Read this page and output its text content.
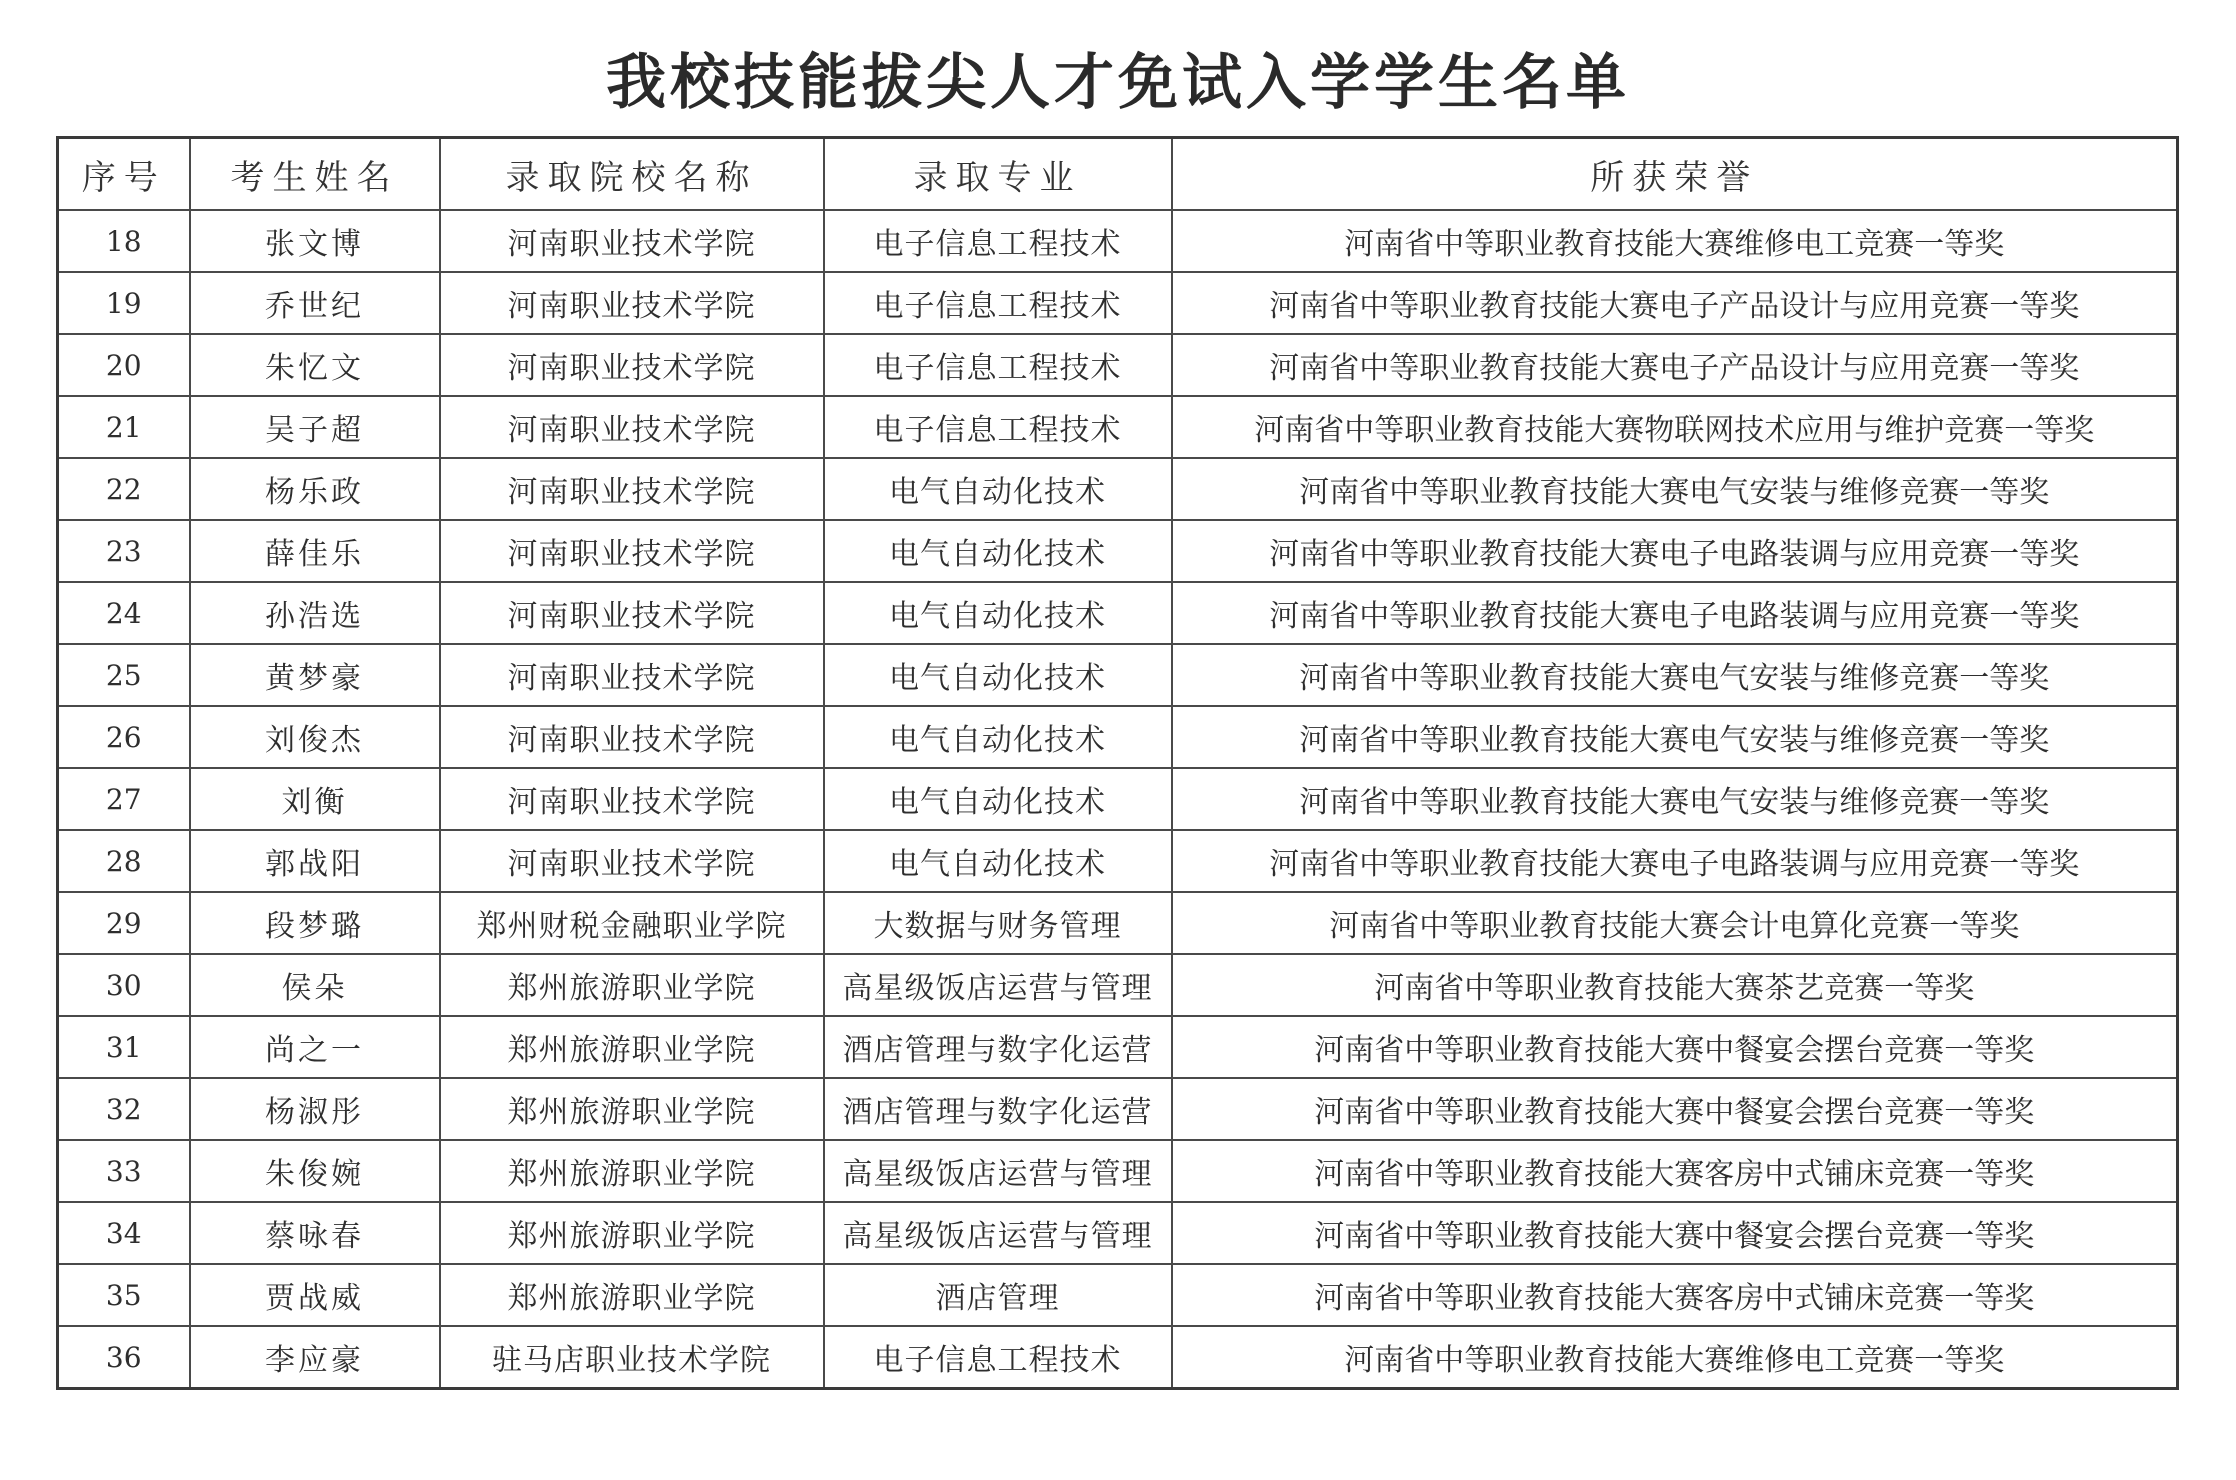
我校技能拔尖人才免试入学学生名单
序号	考生姓名	录取院校名称	录取专业	所获荣誉
18	张文博	河南职业技术学院	电子信息工程技术	河南省中等职业教育技能大赛维修电工竞赛一等奖
19	乔世纪	河南职业技术学院	电子信息工程技术	河南省中等职业教育技能大赛电子产品设计与应用竞赛一等奖
20	朱忆文	河南职业技术学院	电子信息工程技术	河南省中等职业教育技能大赛电子产品设计与应用竞赛一等奖
21	吴子超	河南职业技术学院	电子信息工程技术	河南省中等职业教育技能大赛物联网技术应用与维护竞赛一等奖
22	杨乐政	河南职业技术学院	电气自动化技术	河南省中等职业教育技能大赛电气安装与维修竞赛一等奖
23	薛佳乐	河南职业技术学院	电气自动化技术	河南省中等职业教育技能大赛电子电路装调与应用竞赛一等奖
24	孙浩选	河南职业技术学院	电气自动化技术	河南省中等职业教育技能大赛电子电路装调与应用竞赛一等奖
25	黄梦豪	河南职业技术学院	电气自动化技术	河南省中等职业教育技能大赛电气安装与维修竞赛一等奖
26	刘俊杰	河南职业技术学院	电气自动化技术	河南省中等职业教育技能大赛电气安装与维修竞赛一等奖
27	刘衡	河南职业技术学院	电气自动化技术	河南省中等职业教育技能大赛电气安装与维修竞赛一等奖
28	郭战阳	河南职业技术学院	电气自动化技术	河南省中等职业教育技能大赛电子电路装调与应用竞赛一等奖
29	段梦璐	郑州财税金融职业学院	大数据与财务管理	河南省中等职业教育技能大赛会计电算化竞赛一等奖
30	侯朵	郑州旅游职业学院	高星级饭店运营与管理	河南省中等职业教育技能大赛茶艺竞赛一等奖
31	尚之一	郑州旅游职业学院	酒店管理与数字化运营	河南省中等职业教育技能大赛中餐宴会摆台竞赛一等奖
32	杨淑彤	郑州旅游职业学院	酒店管理与数字化运营	河南省中等职业教育技能大赛中餐宴会摆台竞赛一等奖
33	朱俊婉	郑州旅游职业学院	高星级饭店运营与管理	河南省中等职业教育技能大赛客房中式铺床竞赛一等奖
34	蔡咏春	郑州旅游职业学院	高星级饭店运营与管理	河南省中等职业教育技能大赛中餐宴会摆台竞赛一等奖
35	贾战威	郑州旅游职业学院	酒店管理	河南省中等职业教育技能大赛客房中式铺床竞赛一等奖
36	李应豪	驻马店职业技术学院	电子信息工程技术	河南省中等职业教育技能大赛维修电工竞赛一等奖
